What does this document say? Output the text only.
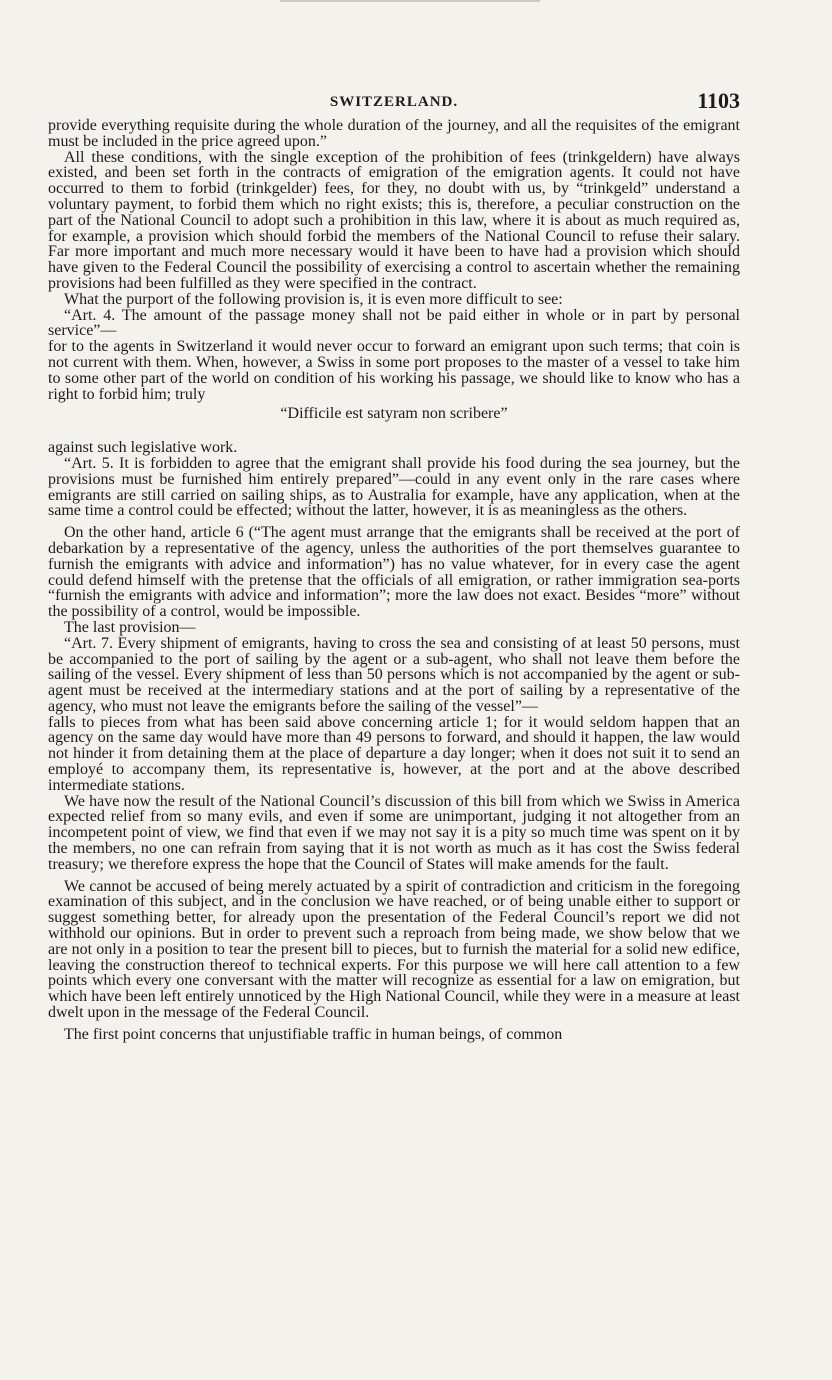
SWITZERLAND.	1103

provide everything requisite during the whole duration of the journey, and all the requisites of the emigrant must be included in the price agreed upon.”

All these conditions, with the single exception of the prohibition of fees (trinkgeldern) have always existed, and been set forth in the contracts of emigration of the emigration agents. It could not have occurred to them to forbid (trinkgelder) fees, for they, no doubt with us, by “trinkgeld” understand a voluntary payment, to forbid them which no right exists; this is, therefore, a peculiar construction on the part of the National Council to adopt such a prohibition in this law, where it is about as much required as, for example, a provision which should forbid the members of the National Council to refuse their salary. Far more important and much more necessary would it have been to have had a provision which should have given to the Federal Council the possibility of exercising a control to ascertain whether the remaining provisions had been fulfilled as they were specified in the contract.

What the purport of the following provision is, it is even more difficult to see:

“Art. 4. The amount of the passage money shall not be paid either in whole or in part by personal service”—

for to the agents in Switzerland it would never occur to forward an emigrant upon such terms; that coin is not current with them. When, however, a Swiss in some port proposes to the master of a vessel to take him to some other part of the world on condition of his working his passage, we should like to know who has a right to forbid him; truly

“Difficile est satyram non scribere”

against such legislative work.

“Art. 5. It is forbidden to agree that the emigrant shall provide his food during the sea journey, but the provisions must be furnished him entirely prepared”—could in any event only in the rare cases where emigrants are still carried on sailing ships, as to Australia for example, have any application, when at the same time a control could be effected; without the latter, however, it is as meaningless as the others.

On the other hand, article 6 (“The agent must arrange that the emigrants shall be received at the port of debarkation by a representative of the agency, unless the authorities of the port themselves guarantee to furnish the emigrants with advice and information”) has no value whatever, for in every case the agent could defend himself with the pretense that the officials of all emigration, or rather immigration sea-ports “furnish the emigrants with advice and information”; more the law does not exact. Besides “more” without the possibility of a control, would be impossible.

The last provision—

“Art. 7. Every shipment of emigrants, having to cross the sea and consisting of at least 50 persons, must be accompanied to the port of sailing by the agent or a sub-agent, who shall not leave them before the sailing of the vessel. Every shipment of less than 50 persons which is not accompanied by the agent or sub-agent must be received at the intermediary stations and at the port of sailing by a representative of the agency, who must not leave the emigrants before the sailing of the vessel”—

falls to pieces from what has been said above concerning article 1; for it would seldom happen that an agency on the same day would have more than 49 persons to forward, and should it happen, the law would not hinder it from detaining them at the place of departure a day longer; when it does not suit it to send an employé to accompany them, its representative is, however, at the port and at the above described intermediate stations.

We have now the result of the National Council’s discussion of this bill from which we Swiss in America expected relief from so many evils, and even if some are unimportant, judging it not altogether from an incompetent point of view, we find that even if we may not say it is a pity so much time was spent on it by the members, no one can refrain from saying that it is not worth as much as it has cost the Swiss federal treasury; we therefore express the hope that the Council of States will make amends for the fault.

We cannot be accused of being merely actuated by a spirit of contradiction and criticism in the foregoing examination of this subject, and in the conclusion we have reached, or of being unable either to support or suggest something better, for already upon the presentation of the Federal Council’s report we did not withhold our opinions. But in order to prevent such a reproach from being made, we show below that we are not only in a position to tear the present bill to pieces, but to furnish the material for a solid new edifice, leaving the construction thereof to technical experts. For this purpose we will here call attention to a few points which every one conversant with the matter will recognize as essential for a law on emigration, but which have been left entirely unnoticed by the High National Council, while they were in a measure at least dwelt upon in the message of the Federal Council.

The first point concerns that unjustifiable traffic in human beings, of common
